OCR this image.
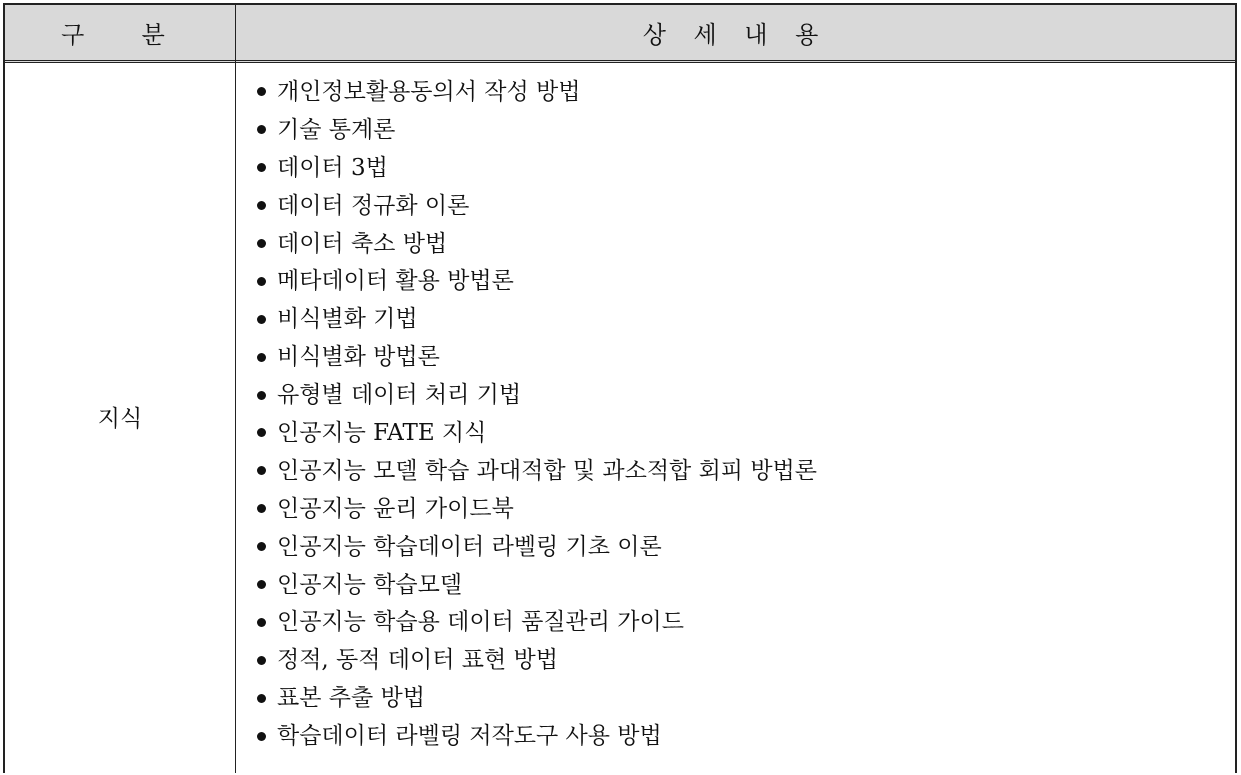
구  분	상 세 내 용
지식
개인정보활용동의서 작성 방법
기술 통계론
데이터 3법
데이터 정규화 이론
데이터 축소 방법
메타데이터 활용 방법론
비식별화 기법
비식별화 방법론
유형별 데이터 처리 기법
인공지능 FATE 지식
인공지능 모델 학습 과대적합 및 과소적합 회피 방법론
인공지능 윤리 가이드북
인공지능 학습데이터 라벨링 기초 이론
인공지능 학습모델
인공지능 학습용 데이터 품질관리 가이드
정적, 동적 데이터 표현 방법
표본 추출 방법
학습데이터 라벨링 저작도구 사용 방법
